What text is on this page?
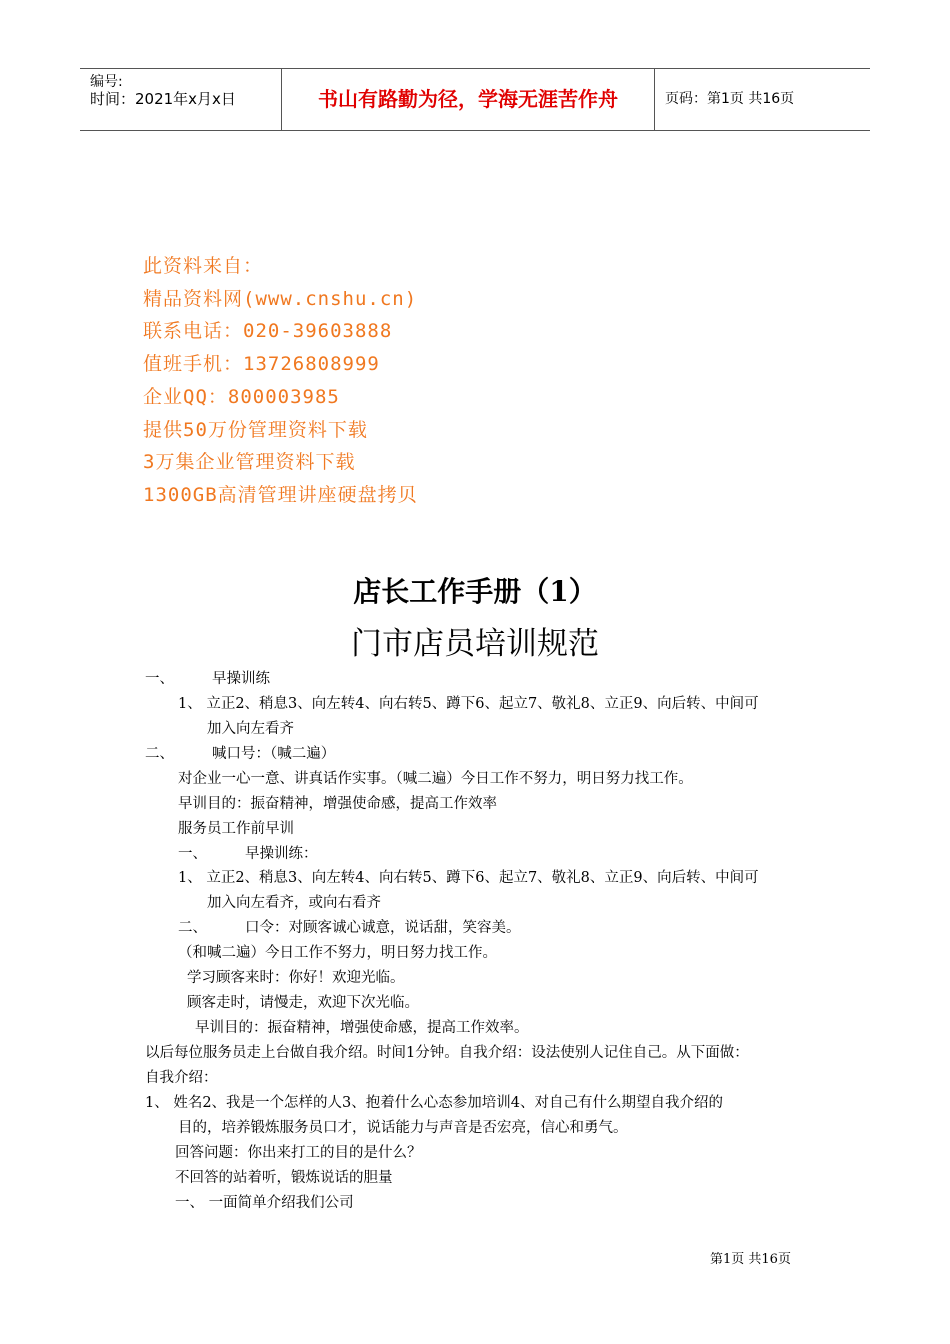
编号:
时间：2021年x月x日	书山有路勤为径，学海无涯苦作舟	页码：第1页 共16页
此资料来自：
精品资料网(www.cnshu.cn)
联系电话：020-39603888
值班手机：13726808999
企业QQ：800003985
提供50万份管理资料下载
3万集企业管理资料下载
1300GB高清管理讲座硬盘拷贝
店长工作手册（1）
门市店员培训规范
一、	早操训练
1、 立正2、稍息3、向左转4、向右转5、蹲下6、起立7、敬礼8、立正9、向后转、中间可
加入向左看齐
二、	喊口号：（喊二遍）
对企业一心一意、讲真话作实事。（喊二遍）今日工作不努力，明日努力找工作。
早训目的：振奋精神，增强使命感，提高工作效率
服务员工作前早训
一、	早操训练：
1、 立正2、稍息3、向左转4、向右转5、蹲下6、起立7、敬礼8、立正9、向后转、中间可
加入向左看齐，或向右看齐
二、	口令：对顾客诚心诚意，说话甜，笑容美。
（和喊二遍）今日工作不努力，明日努力找工作。
学习顾客来时：你好！欢迎光临。
顾客走时，请慢走，欢迎下次光临。
早训目的：振奋精神，增强使命感，提高工作效率。
以后每位服务员走上台做自我介绍。时间1分钟。自我介绍：设法使别人记住自己。从下面做：
自我介绍：
1、 姓名2、我是一个怎样的人3、抱着什么心态参加培训4、对自己有什么期望自我介绍的
目的，培养锻炼服务员口才，说话能力与声音是否宏亮，信心和勇气。
回答问题：你出来打工的目的是什么？
不回答的站着听，锻炼说话的胆量
一、 一面简单介绍我们公司
第1页 共16页
